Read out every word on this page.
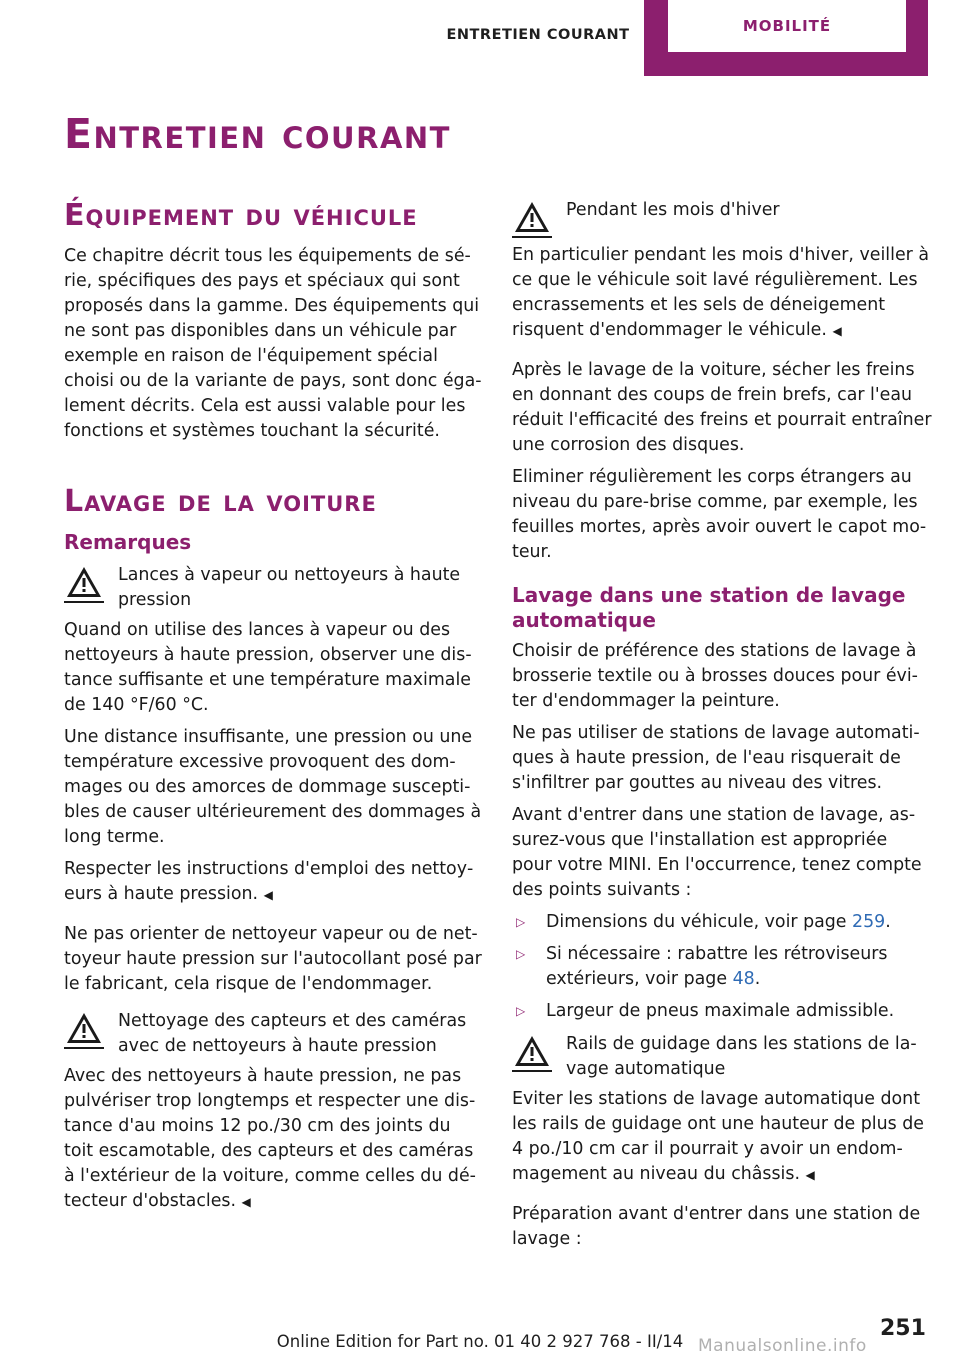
ENTRETIEN COURANT	MOBILITÉ
Entretien courant
Équipement du véhicule

Ce chapitre décrit tous les équipements de série, spécifiques des pays et spéciaux qui sont proposés dans la gamme. Des équipements qui ne sont pas disponibles dans un véhicule par exemple en raison de l'équipement spécial choisi ou de la variante de pays, sont donc également décrits. Cela est aussi valable pour les fonctions et systèmes touchant la sécurité.

Lavage de la voiture
Remarques
Lances à vapeur ou nettoyeurs à haute pression

Quand on utilise des lances à vapeur ou des nettoyeurs à haute pression, observer une distance suffisante et une température maximale de 140 °F/60 °C.

Une distance insuffisante, une pression ou une température excessive provoquent des dommages ou des amorces de dommage susceptibles de causer ultérieurement des dommages à long terme.

Respecter les instructions d'emploi des nettoyeurs à haute pression. ◀

Ne pas orienter de nettoyeur vapeur ou de nettoyeur haute pression sur l'autocollant posé par le fabricant, cela risque de l'endommager.

Nettoyage des capteurs et des caméras avec de nettoyeurs à haute pression

Avec des nettoyeurs à haute pression, ne pas pulvériser trop longtemps et respecter une distance d'au moins 12 po./30 cm des joints du toit escamotable, des capteurs et des caméras à l'extérieur de la voiture, comme celles du détecteur d'obstacles. ◀

Pendant les mois d'hiver

En particulier pendant les mois d'hiver, veiller à ce que le véhicule soit lavé régulièrement. Les encrassements et les sels de déneigement risquent d'endommager le véhicule. ◀

Après le lavage de la voiture, sécher les freins en donnant des coups de frein brefs, car l'eau réduit l'efficacité des freins et pourrait entraîner une corrosion des disques.

Eliminer régulièrement les corps étrangers au niveau du pare-brise comme, par exemple, les feuilles mortes, après avoir ouvert le capot moteur.

Lavage dans une station de lavage automatique

Choisir de préférence des stations de lavage à brosserie textile ou à brosses douces pour éviter d'endommager la peinture.

Ne pas utiliser de stations de lavage automatiques à haute pression, de l'eau risquerait de s'infiltrer par gouttes au niveau des vitres.

Avant d'entrer dans une station de lavage, assurez-vous que l'installation est appropriée pour votre MINI. En l'occurrence, tenez compte des points suivants :

▷ Dimensions du véhicule, voir page 259.
▷ Si nécessaire : rabattre les rétroviseurs extérieurs, voir page 48.
▷ Largeur de pneus maximale admissible.
Rails de guidage dans les stations de lavage automatique

Eviter les stations de lavage automatique dont les rails de guidage ont une hauteur de plus de 4 po./10 cm car il pourrait y avoir un endommagement au niveau du châssis. ◀

Préparation avant d'entrer dans une station de lavage :

251
Online Edition for Part no. 01 40 2 927 768 - II/14 Manualsonline.info
